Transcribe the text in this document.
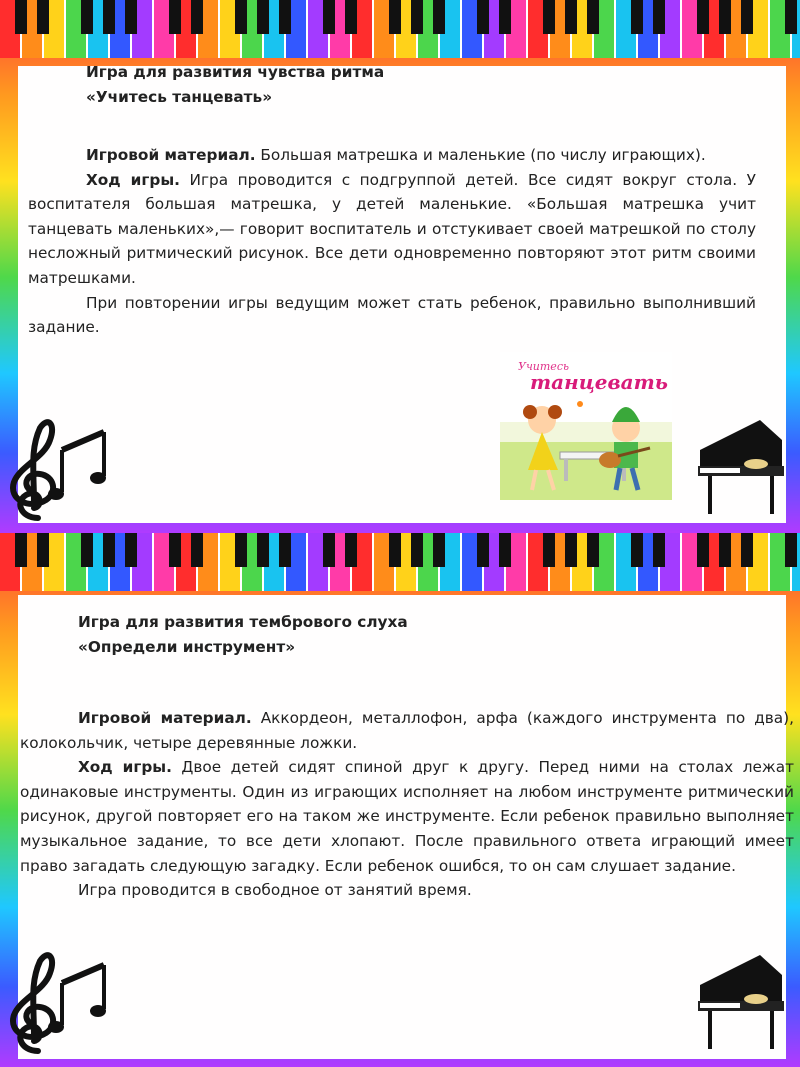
Игра для развития чувства ритма

«Учитесь танцевать»

Игровой материал. Большая матрешка и маленькие (по числу играющих).

Ход игры. Игра проводится с подгруппой детей. Все сидят вокруг стола. У воспитателя большая матрешка, у детей маленькие. «Большая матрешка учит танцевать маленьких»,— говорит воспитатель и отстукивает своей матрешкой по столу несложный ритмический рисунок. Все дети одновременно повторяют этот ритм своими матрешками.

При повторении игры ведущим может стать ребенок, правильно выполнивший задание.

Учитесь
танцевать

Игра для развития тембрового слуха

«Определи инструмент»

Игровой материал. Аккордеон, металлофон, арфа (каждого инструмента по два), колокольчик, четыре деревянные ложки.

Ход игры. Двое детей сидят спиной друг к другу. Перед ними на столах лежат одинаковые инструменты. Один из играющих исполняет на любом инструменте ритмический рисунок, другой повторяет его на таком же инструменте. Если ребенок правильно выполняет музыкальное задание, то все дети хлопают. После правильного ответа играющий имеет право загадать следующую загадку. Если ребенок ошибся, то он сам слушает задание.

Игра проводится в свободное от занятий время.
